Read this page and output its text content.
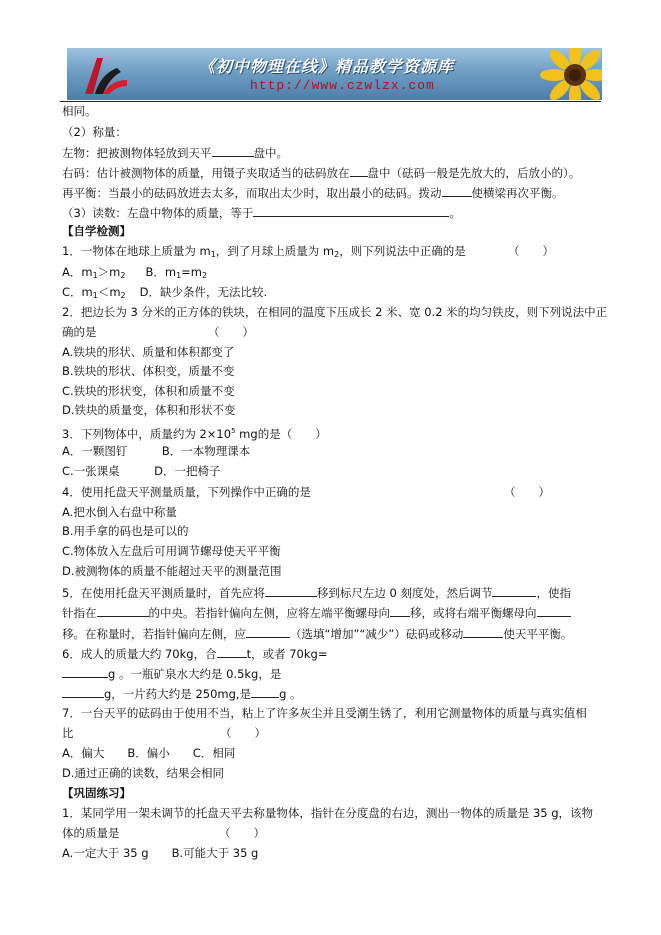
《初中物理在线》精品教学资源库
http://www.czwlzx.com
相同。
（2）称量：
左物：把被测物体轻放到天平	盘中。
右码：估计被测物体的质量，用镊子夹取适当的砝码放在 盘中（砝码一般是先放大的，后放小的）。
再平衡：当最小的砝码放进去太多，而取出太少时，取出最小的砝码。拨动	使横梁再次平衡。
（3）读数：左盘中物体的质量，等于	。
【自学检测】
1．一物体在地球上质量为 $m_1$，到了月球上质量为 $m_2$，则下列说法中正确的是	（　　）
A．$m_1>m_2$ B．$m_1=m_2$
C．$m_1<m_2$ D．缺少条件，无法比较.
2．把边长为 3 分米的正方体的铁块，在相同的温度下压成长 2 米、宽 0.2 米的均匀铁皮，则下列说法中正
确的是	（　　）
A.铁块的形状、质量和体积都变了
B.铁块的形状、体积变，质量不变
C.铁块的形状变，体积和质量不变
D.铁块的质量变，体积和形状不变
3．下列物体中，质量约为 $2\times 10^5$ mg的是（　　）
A．一颗图钉　　　B．一本物理课本
C.一张课桌　　　D．一把椅子
4．使用托盘天平测量质量，下列操作中正确的是	（　　）
A.把水倒入右盘中称量
B.用手拿的码也是可以的
C.物体放入左盘后可用调节螺母使天平平衡
D.被测物体的质量不能超过天平的测量范围
5．在使用托盘天平测质量时，首先应将	移到标尺左边 0 刻度处，然后调节	，使指
针指在	的中央。若指针偏向左侧，应将左端平衡螺母向 移，或将右端平衡螺母向
移。在称量时，若指针偏向左侧，应	（选填“增加”“减少”）砝码或移动	使天平平衡。
6．成人的质量大约 70kg，合	t，或者 70kg=
g 。一瓶矿泉水大约是 0.5kg，是
g，一片药大约是 250mg,是 g 。
7．一台天平的砝码由于使用不当，粘上了许多灰尘并且受潮生锈了，利用它测量物体的质量与真实值相
比	（　　）
A．偏大　　B．偏小　　C．相同
D.通过正确的读数，结果会相同
【巩固练习】
1．某同学用一架未调节的托盘天平去称量物体，指针在分度盘的右边，测出一物体的质量是 35 g，该物
体的质量是	（　　）
A.一定大于 35 g　　B.可能大于 35 g
